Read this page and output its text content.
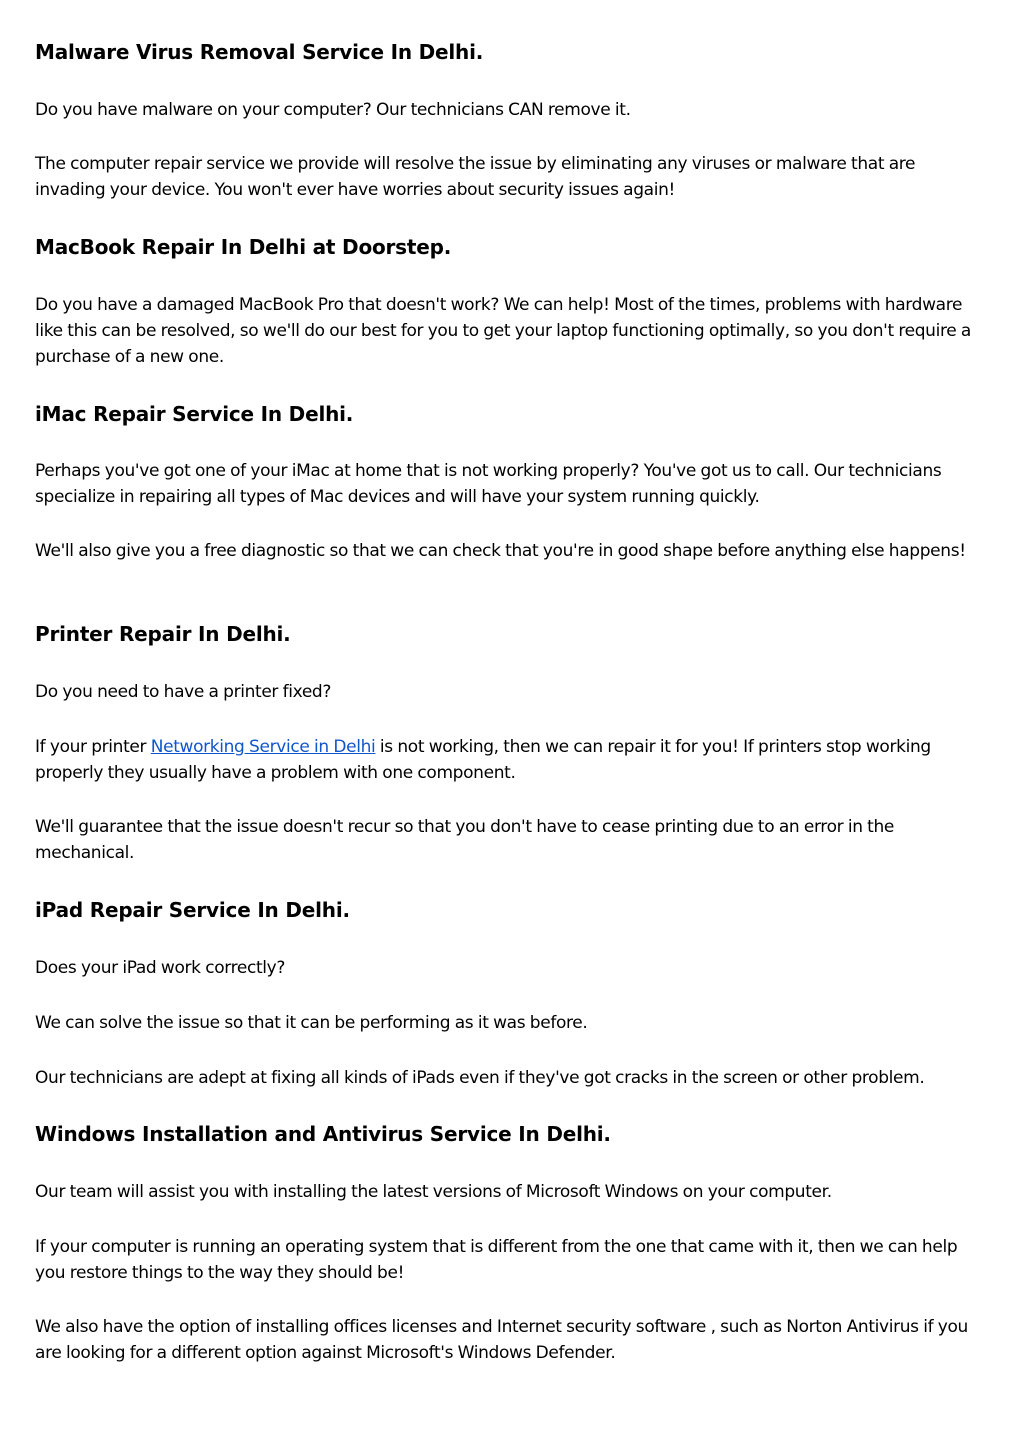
Malware Virus Removal Service In Delhi.

Do you have malware on your computer? Our technicians CAN remove it.

The computer repair service we provide will resolve the issue by eliminating any viruses or malware that are invading your device. You won't ever have worries about security issues again!

MacBook Repair In Delhi at Doorstep.

Do you have a damaged MacBook Pro that doesn't work? We can help! Most of the times, problems with hardware like this can be resolved, so we'll do our best for you to get your laptop functioning optimally, so you don't require a purchase of a new one.

iMac Repair Service In Delhi.

Perhaps you've got one of your iMac at home that is not working properly? You've got us to call. Our technicians specialize in repairing all types of Mac devices and will have your system running quickly.

We'll also give you a free diagnostic so that we can check that you're in good shape before anything else happens!

Printer Repair In Delhi.

Do you need to have a printer fixed?

If your printer Networking Service in Delhi is not working, then we can repair it for you! If printers stop working properly they usually have a problem with one component.

We'll guarantee that the issue doesn't recur so that you don't have to cease printing due to an error in the mechanical.

iPad Repair Service In Delhi.

Does your iPad work correctly?

We can solve the issue so that it can be performing as it was before.

Our technicians are adept at fixing all kinds of iPads even if they've got cracks in the screen or other problem.

Windows Installation and Antivirus Service In Delhi.

Our team will assist you with installing the latest versions of Microsoft Windows on your computer.

If your computer is running an operating system that is different from the one that came with it, then we can help you restore things to the way they should be!

We also have the option of installing offices licenses and Internet security software , such as Norton Antivirus if you are looking for a different option against Microsoft's Windows Defender.
